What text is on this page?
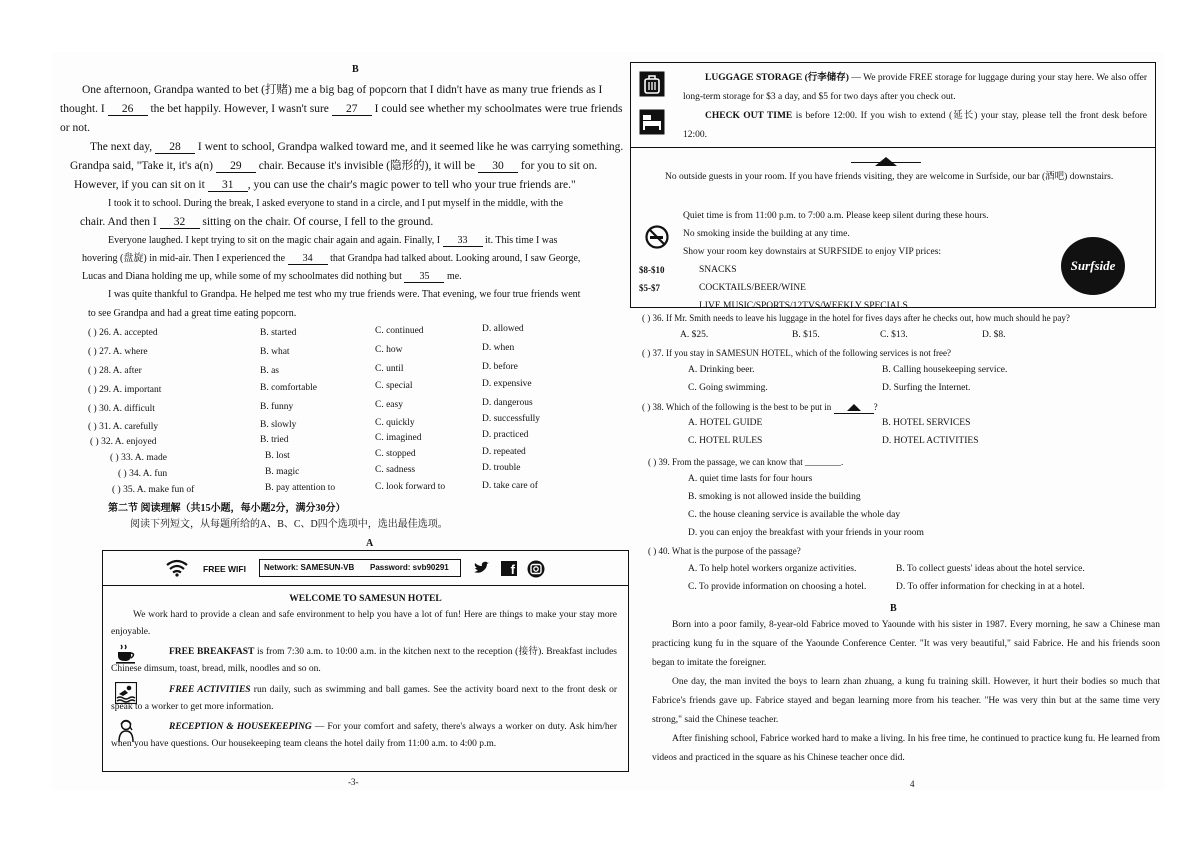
B
One afternoon, Grandpa wanted to bet (打赌) me a big bag of popcorn that I didn't have as many true friends as I
thought. I 26 the bet happily. However, I wasn't sure 27 I could see whether my schoolmates were true friends
or not.
The next day, 28 I went to school, Grandpa walked toward me, and it seemed like he was carrying something.
Grandpa said, "Take it, it's a(n) 29 chair. Because it's invisible (隐形的), it will be 30 for you to sit on.
However, if you can sit on it 31 , you can use the chair's magic power to tell who your true friends are."
I took it to school. During the break, I asked everyone to stand in a circle, and I put myself in the middle, with the
chair. And then I 32 sitting on the chair. Of course, I fell to the ground.
Everyone laughed. I kept trying to sit on the magic chair again and again. Finally, I 33 it. This time I was
hovering (盘旋) in mid-air. Then I experienced the 34 that Grandpa had talked about. Looking around, I saw George,
Lucas and Diana holding me up, while some of my schoolmates did nothing but 35 me.
I was quite thankful to Grandpa. He helped me test who my true friends were. That evening, we four true friends went
to see Grandpa and had a great time eating popcorn.
( ) 26. A. accepted	B. started	C. continued	D. allowed
( ) 27. A. where	B. what	C. how	D. when
( ) 28. A. after	B. as	C. until	D. before
( ) 29. A. important	B. comfortable	C. special	D. expensive
( ) 30. A. difficult	B. funny	C. easy	D. dangerous
( ) 31. A. carefully	B. slowly	C. quickly	D. successfully
( ) 32. A. enjoyed	B. tried	C. imagined	D. practiced
( ) 33. A. made	B. lost	C. stopped	D. repeated
( ) 34. A. fun	B. magic	C. sadness	D. trouble
( ) 35. A. make fun of	B. pay attention to	C. look forward to	D. take care of
第二节 阅读理解（共15小题，每小题2分，满分30分）
阅读下列短文，从每题所给的A、B、C、D四个选项中，选出最佳选项。
A
FREE WIFI Network: SAMESUN-VB Password: svb90291	f
WELCOME TO SAMESUN HOTEL
We work hard to provide a clean and safe environment to help you have a lot of fun! Here are things to make your stay more enjoyable.
FREE BREAKFAST is from 7:30 a.m. to 10:00 a.m. in the kitchen next to the reception (接待). Breakfast includes Chinese dimsum, toast, bread, milk, noodles and so on.
FREE ACTIVITIES run daily, such as swimming and ball games. See the activity board next to the front desk or speak to a worker to get more information.
RECEPTION & HOUSEKEEPING — For your comfort and safety, there's always a worker on duty. Ask him/her when you have questions. Our housekeeping team cleans the hotel daily from 11:00 a.m. to 4:00 p.m.
-3-
LUGGAGE STORAGE (行李储存) — We provide FREE storage for luggage during your stay here. We also offer long-term storage for $3 a day, and $5 for two days after you check out.
CHECK OUT TIME is before 12:00. If you wish to extend (延长) your stay, please tell the front desk before 12:00.
No outside guests in your room. If you have friends visiting, they are welcome in Surfside, our bar (酒吧) downstairs.
Quiet time is from 11:00 p.m. to 7:00 a.m. Please keep silent during these hours.
No smoking inside the building at any time.
Show your room key downstairs at SURFSIDE to enjoy VIP prices:
$8-$10	SNACKS
$5-$7	COCKTAILS/BEER/WINE
LIVE MUSIC/SPORTS/12TVS/WEEKLY SPECIALS
Surfside
( ) 36. If Mr. Smith needs to leave his luggage in the hotel for fives days after he checks out, how much should he pay?
A. $25.	B. $15.	C. $13.	D. $8.
( ) 37. If you stay in SAMESUN HOTEL, which of the following services is not free?
A. Drinking beer.	B. Calling housekeeping service.
C. Going swimming.	D. Surfing the Internet.
( ) 38. Which of the following is the best to be put in	?
A. HOTEL GUIDE	B. HOTEL SERVICES
C. HOTEL RULES	D. HOTEL ACTIVITIES
( ) 39. From the passage, we can know that ________.
A. quiet time lasts for four hours
B. smoking is not allowed inside the building
C. the house cleaning service is available the whole day
D. you can enjoy the breakfast with your friends in your room
( ) 40. What is the purpose of the passage?
A. To help hotel workers organize activities.	B. To collect guests' ideas about the hotel service.
C. To provide information on choosing a hotel.	D. To offer information for checking in at a hotel.
B
Born into a poor family, 8-year-old Fabrice moved to Yaounde with his sister in 1987. Every morning, he saw a Chinese man practicing kung fu in the square of the Yaounde Conference Center. "It was very beautiful," said Fabrice. He and his friends soon began to imitate the foreigner.
One day, the man invited the boys to learn zhan zhuang, a kung fu training skill. However, it hurt their bodies so much that Fabrice's friends gave up. Fabrice stayed and began learning more from his teacher. "He was very thin but at the same time very strong," said the Chinese teacher.
After finishing school, Fabrice worked hard to make a living. In his free time, he continued to practice kung fu. He learned from videos and practiced in the square as his Chinese teacher once did.
4
